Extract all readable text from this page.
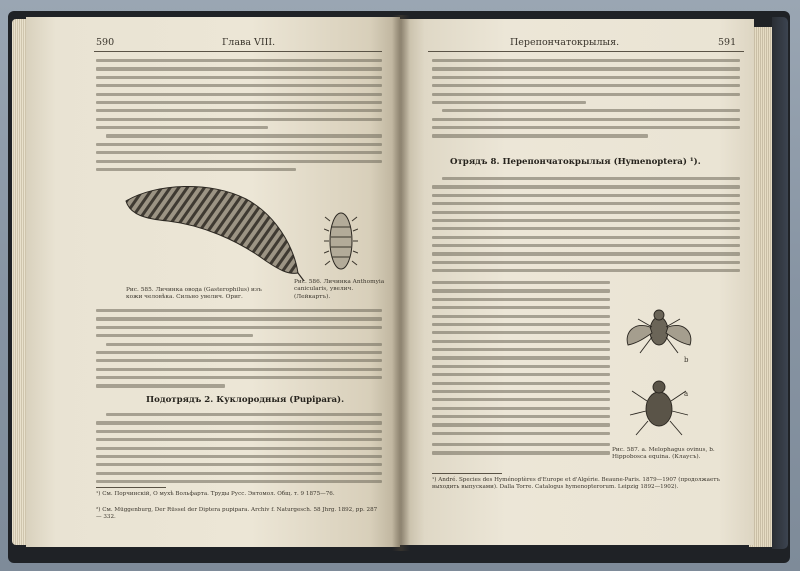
590	Глава VIII.
Рис. 585. Личинка овода (Gasterophilus) изъ кожи человѣка. Сильно увелич. Ориг.
Рис. 586. Личинка Anthomyia canicularis, увелич. (Лейкартъ).
Подотрядъ 2. Куклородныя (Pupipara).
¹) См. Порчинскiй, О мухѣ Вольфарта. Труды Русс. Энтомол. Общ. т. 9 1875—76.
²) См. Müggenburg, Der Rüssel der Diptera pupipara. Archiv f. Naturgesch. 58 Jhrg. 1892, pp. 287 — 332.
Перепончатокрылыя.	591
Отрядъ 8. Перепончатокрылыя (Hymenoptera) ¹).
b
a
Рис. 587. а. Melophagus ovinus, b. Hippobosca equina. (Клаусъ).
¹) André. Species des Hyménoptères d'Europe et d'Algérie. Beaune-Paris. 1879—1907 (продолжаетъ выходить выпусками). Dalla Torre. Catalogus hymenopterorum. Leipzig 1892—1902).
